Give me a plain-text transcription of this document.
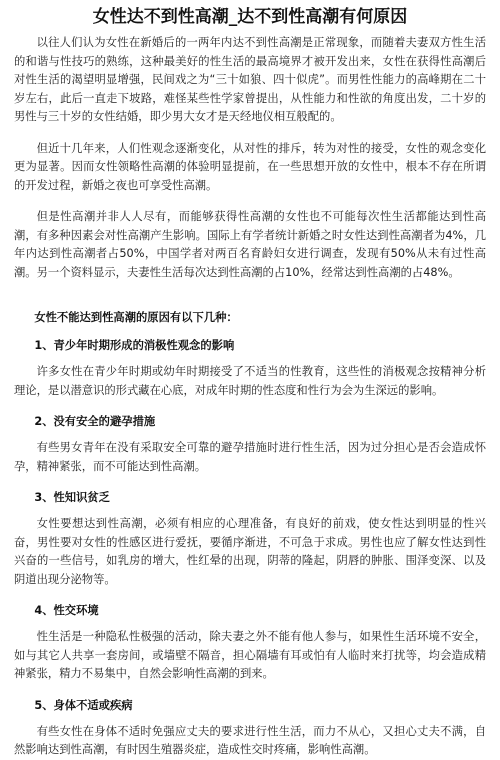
女性达不到性高潮_达不到性高潮有何原因

以往人们认为女性在新婚后的一两年内达不到性高潮是正常现象，而随着夫妻双方性生活的和谐与性技巧的熟练，这种最美好的性生活的最高境界才被开发出来，女性在获得性高潮后对性生活的渴望明显增强，民间戏之为“三十如狼、四十似虎”。而男性性能力的高峰期在二十岁左右，此后一直走下坡路，难怪某些性学家曾提出，从性能力和性欲的角度出发，二十岁的男性与三十岁的女性结婚，即少男大女才是天经地仪相互般配的。

但近十几年来，人们性观念逐渐变化，从对性的排斥，转为对性的接受，女性的观念变化更为显著。因而女性领略性高潮的体验明显提前，在一些思想开放的女性中，根本不存在所谓的开发过程，新婚之夜也可享受性高潮。

但是性高潮并非人人尽有，而能够获得性高潮的女性也不可能每次性生活都能达到性高潮，有多种因素会对性高潮产生影响。国际上有学者统计新婚之时女性达到性高潮者为4%，几年内达到性高潮者占50%，中国学者对两百名育龄妇女进行调查，发现有50%从未有过性高潮。另一个资料显示，夫妻性生活每次达到性高潮的占10%，经常达到性高潮的占48%。

女性不能达到性高潮的原因有以下几种：
1、青少年时期形成的消极性观念的影响

许多女性在青少年时期或幼年时期接受了不适当的性教育，这些性的消极观念按精神分析理论，是以潜意识的形式藏在心底，对成年时期的性态度和性行为会为生深远的影响。

2、没有安全的避孕措施

有些男女青年在没有采取安全可靠的避孕措施时进行性生活，因为过分担心是否会造成怀孕，精神紧张，而不可能达到性高潮。

3、性知识贫乏

女性要想达到性高潮，必须有相应的心理准备，有良好的前戏，使女性达到明显的性兴奋，男性要对女性的性感区进行爱抚，要循序渐进，不可急于求成。男性也应了解女性达到性兴奋的一些信号，如乳房的增大，性红晕的出现，阴蒂的隆起，阴唇的肿胀、围泽变深、以及阴道出现分泌物等。

4、性交环境

性生活是一种隐私性极强的活动，除夫妻之外不能有他人参与，如果性生活环境不安全，如与其它人共享一套房间，或墙壁不隔音，担心隔墙有耳或怕有人临时来打扰等，均会造成精神紧张，精力不易集中，自然会影响性高潮的到来。

5、身体不适或疾病

有些女性在身体不适时免强应丈夫的要求进行性生活，而力不从心，又担心丈夫不满，自然影响达到性高潮，有时因生殖器炎症，造成性交时疼痛，影响性高潮。
